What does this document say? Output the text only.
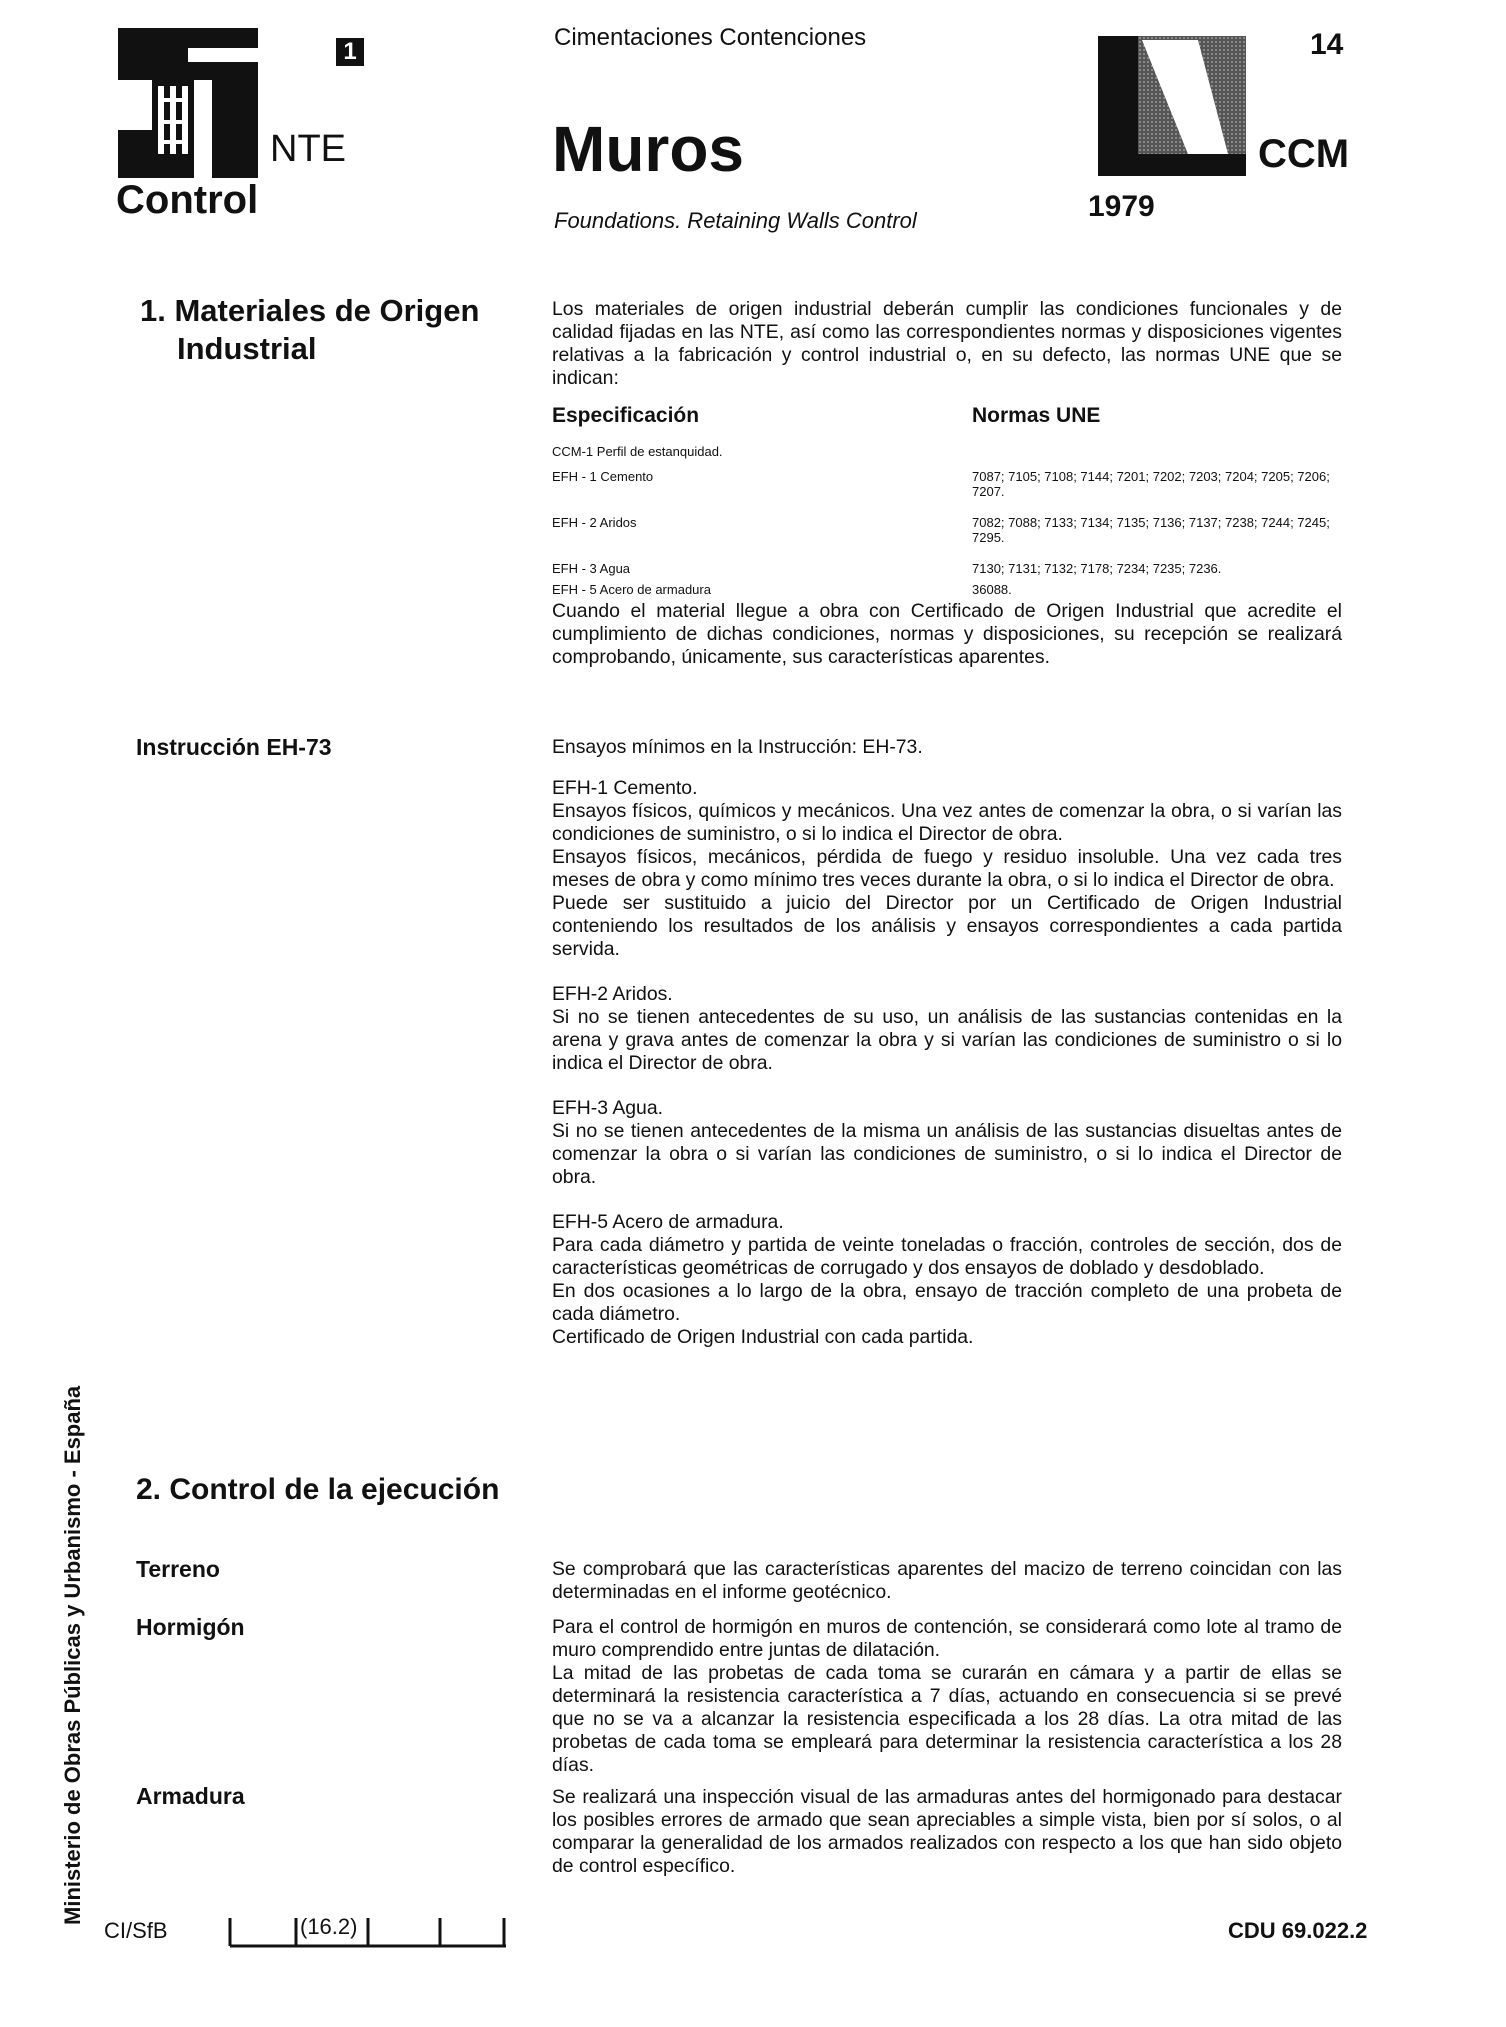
1
NTE
Control
Cimentaciones Contenciones
Muros
Foundations. Retaining Walls Control	1979
14
CCM
1. Materiales de Origen
Industrial

Los materiales de origen industrial deberán cumplir las condiciones funcionales y de calidad fijadas en las NTE, así como las correspondientes normas y disposiciones vigentes relativas a la fabricación y control industrial o, en su defecto, las normas UNE que se indican:

Especificación	Normas UNE
CCM-1 Perfil de estanquidad.
EFH - 1 Cemento	7087; 7105; 7108; 7144; 7201; 7202; 7203; 7204; 7205; 7206; 7207.
EFH - 2 Aridos	7082; 7088; 7133; 7134; 7135; 7136; 7137; 7238; 7244; 7245; 7295.
EFH - 3 Agua	7130; 7131; 7132; 7178; 7234; 7235; 7236.
EFH - 5 Acero de armadura	36088.

Cuando el material llegue a obra con Certificado de Origen Industrial que acredite el cumplimiento de dichas condiciones, normas y disposiciones, su recepción se realizará comprobando, únicamente, sus características aparentes.

Instrucción EH-73	Ensayos mínimos en la Instrucción: EH-73.

EFH-1 Cemento.

Ensayos físicos, químicos y mecánicos. Una vez antes de comenzar la obra, o si varían las condiciones de suministro, o si lo indica el Director de obra.

Ensayos físicos, mecánicos, pérdida de fuego y residuo insoluble. Una vez cada tres meses de obra y como mínimo tres veces durante la obra, o si lo indica el Director de obra.

Puede ser sustituido a juicio del Director por un Certificado de Origen Industrial conteniendo los resultados de los análisis y ensayos correspondientes a cada partida servida.

EFH-2 Aridos.

Si no se tienen antecedentes de su uso, un análisis de las sustancias contenidas en la arena y grava antes de comenzar la obra y si varían las condiciones de suministro o si lo indica el Director de obra.

EFH-3 Agua.

Si no se tienen antecedentes de la misma un análisis de las sustancias disueltas antes de comenzar la obra o si varían las condiciones de suministro, o si lo indica el Director de obra.

EFH-5 Acero de armadura.

Para cada diámetro y partida de veinte toneladas o fracción, controles de sección, dos de características geométricas de corrugado y dos ensayos de doblado y desdoblado.

En dos ocasiones a lo largo de la obra, ensayo de tracción completo de una probeta de cada diámetro.

Certificado de Origen Industrial con cada partida.

2. Control de la ejecución
Terreno	Se comprobará que las características aparentes del macizo de terreno coincidan con las determinadas en el informe geotécnico.

Hormigón	Para el control de hormigón en muros de contención, se considerará como lote al tramo de muro comprendido entre juntas de dilatación.

La mitad de las probetas de cada toma se curarán en cámara y a partir de ellas se determinará la resistencia característica a 7 días, actuando en consecuencia si se prevé que no se va a alcanzar la resistencia especificada a los 28 días. La otra mitad de las probetas de cada toma se empleará para determinar la resistencia característica a los 28 días.

Armadura	Se realizará una inspección visual de las armaduras antes del hormigonado para destacar los posibles errores de armado que sean apreciables a simple vista, bien por sí solos, o al comparar la generalidad de los armados realizados con respecto a los que han sido objeto de control específico.

Ministerio de Obras Públicas y Urbanismo - España
CI/SfB	(16.2)	CDU 69.022.2
